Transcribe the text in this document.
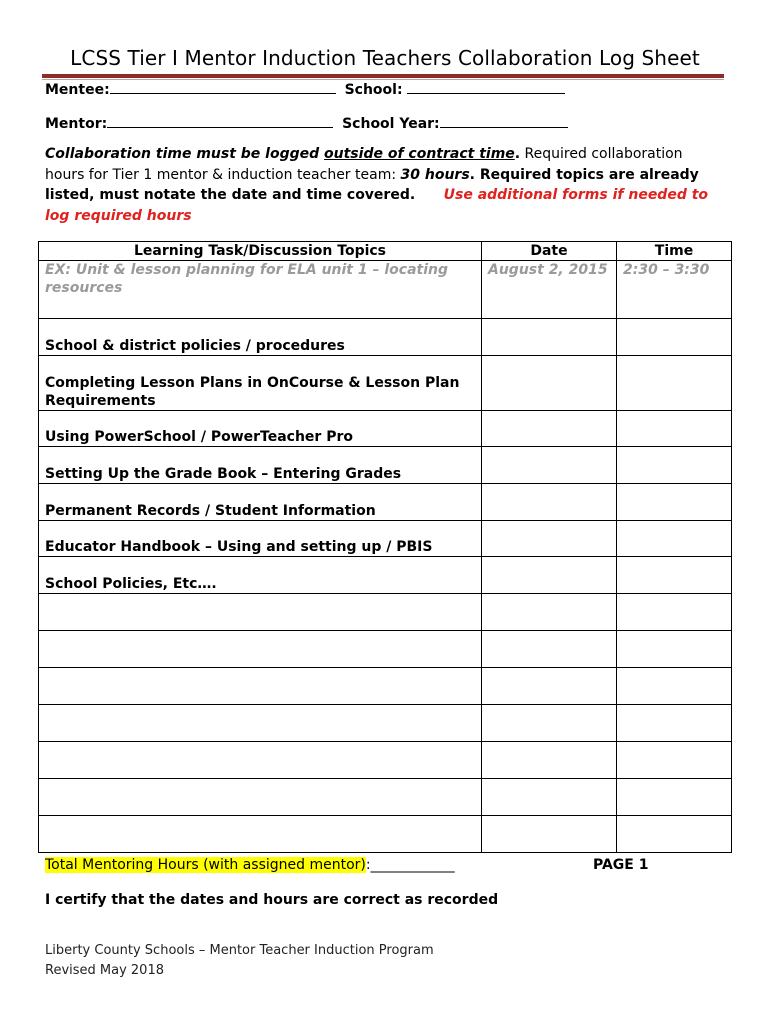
LCSS Tier I Mentor Induction Teachers Collaboration Log Sheet
Mentee:	School:
Mentor:	School Year:
Collaboration time must be logged outside of contract time. Required collaboration hours for Tier 1 mentor & induction teacher team: 30 hours. Required topics are already listed, must notate the date and time covered. Use additional forms if needed to log required hours
Learning Task/Discussion Topics	Date	Time
EX: Unit & lesson planning for ELA unit 1 – locating resources	August 2, 2015	2:30 – 3:30
School & district policies / procedures		
Completing Lesson Plans in OnCourse & Lesson Plan Requirements		
Using PowerSchool / PowerTeacher Pro		
Setting Up the Grade Book – Entering Grades		
Permanent Records / Student Information		
Educator Handbook – Using and setting up / PBIS		
School Policies, Etc….		

Total Mentoring Hours (with assigned mentor):____________	PAGE 1
I certify that the dates and hours are correct as recorded
Liberty County Schools – Mentor Teacher Induction Program
Revised May 2018
